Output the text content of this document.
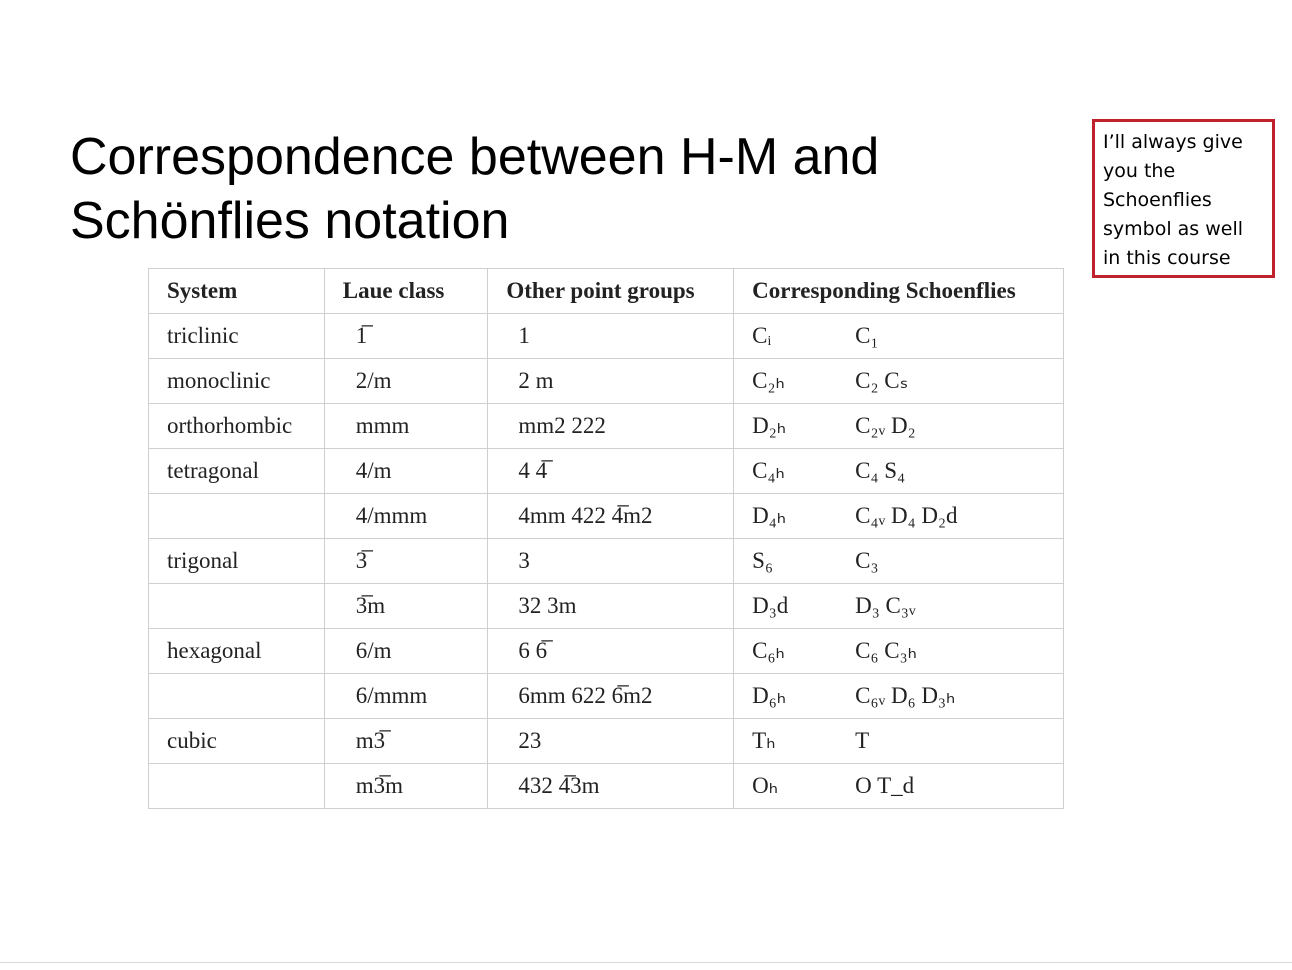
Correspondence between H-M and
Schönflies notation
I’ll always give
you the
Schoenflies
symbol as well
in this course
System	Laue class	Other point groups	Corresponding Schoenflies
triclinic	1̅	1	Cᵢ C₁
monoclinic	2/m	2 m	C₂ₕ C₂ Cₛ
orthorhombic	mmm	mm2 222	D₂ₕ C₂ᵥ D₂
tetragonal	4/m	4 4̅	C₄ₕ C₄ S₄
	4/mmm	4mm 422 4̅m2	D₄ₕ C₄ᵥ D₄ D₂d
trigonal	3̅	3	S₆ C₃
	3̅m	32 3m	D₃d D₃ C₃ᵥ
hexagonal	6/m	6 6̅	C₆ₕ C₆ C₃ₕ
	6/mmm	6mm 622 6̅m2	D₆ₕ C₆ᵥ D₆ D₃ₕ
cubic	m3̅	23	Tₕ T
	m3̅m	432 4̅3m	Oₕ O T_d
